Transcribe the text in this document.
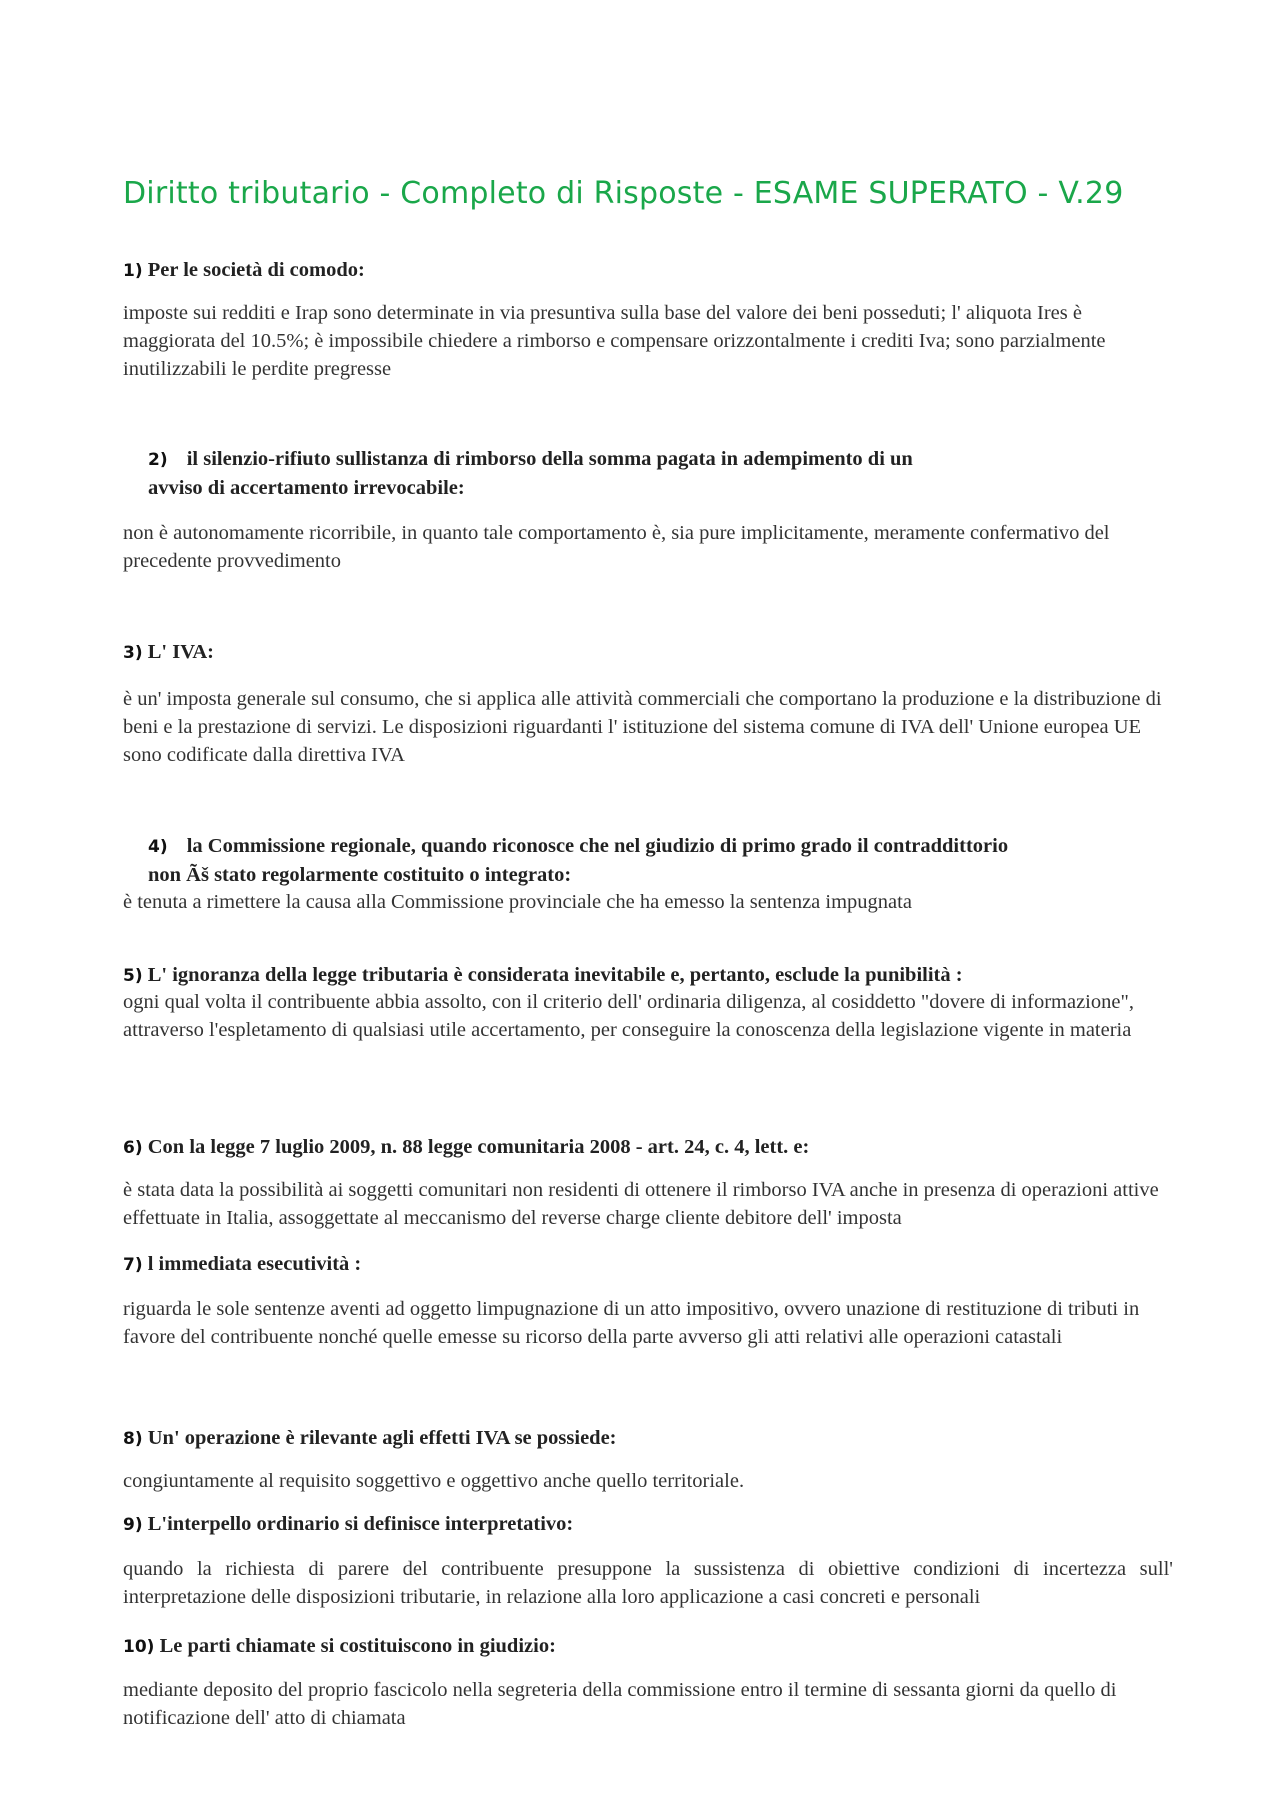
Diritto tributario - Completo di Risposte - ESAME SUPERATO - V.29
1) Per le società di comodo:
imposte sui redditi e Irap sono determinate in via presuntiva sulla base del valore dei beni posseduti; l' aliquota Ires è maggiorata del 10.5%; è impossibile chiedere a rimborso e compensare orizzontalmente i crediti Iva; sono parzialmente inutilizzabili le perdite pregresse
2) il silenzio-rifiuto sullistanza di rimborso della somma pagata in adempimento di un
avviso di accertamento irrevocabile:
non è autonomamente ricorribile, in quanto tale comportamento è, sia pure implicitamente, meramente confermativo del precedente provvedimento
3) L' IVA:
è un' imposta generale sul consumo, che si applica alle attività commerciali che comportano la produzione e la distribuzione di beni e la prestazione di servizi. Le disposizioni riguardanti l' istituzione del sistema comune di IVA dell' Unione europea UE sono codificate dalla direttiva IVA
4) la Commissione regionale, quando riconosce che nel giudizio di primo grado il contraddittorio
non Ãš stato regolarmente costituito o integrato:
è tenuta a rimettere la causa alla Commissione provinciale che ha emesso la sentenza impugnata
5) L' ignoranza della legge tributaria è considerata inevitabile e, pertanto, esclude la punibilità :
ogni qual volta il contribuente abbia assolto, con il criterio dell' ordinaria diligenza, al cosiddetto "dovere di informazione", attraverso l'espletamento di qualsiasi utile accertamento, per conseguire la conoscenza della legislazione vigente in materia
6) Con la legge 7 luglio 2009, n. 88 legge comunitaria 2008 - art. 24, c. 4, lett. e:
è stata data la possibilità ai soggetti comunitari non residenti di ottenere il rimborso IVA anche in presenza di operazioni attive effettuate in Italia, assoggettate al meccanismo del reverse charge cliente debitore dell' imposta
7) l immediata esecutività :
riguarda le sole sentenze aventi ad oggetto limpugnazione di un atto impositivo, ovvero unazione di restituzione di tributi in favore del contribuente nonché quelle emesse su ricorso della parte avverso gli atti relativi alle operazioni catastali
8) Un' operazione è rilevante agli effetti IVA se possiede:
congiuntamente al requisito soggettivo e oggettivo anche quello territoriale.
9) L'interpello ordinario si definisce interpretativo:
quando la richiesta di parere del contribuente presuppone la sussistenza di obiettive condizioni di incertezza sull' interpretazione delle disposizioni tributarie, in relazione alla loro applicazione a casi concreti e personali
10) Le parti chiamate si costituiscono in giudizio:
mediante deposito del proprio fascicolo nella segreteria della commissione entro il termine di sessanta giorni da quello di notificazione dell' atto di chiamata
